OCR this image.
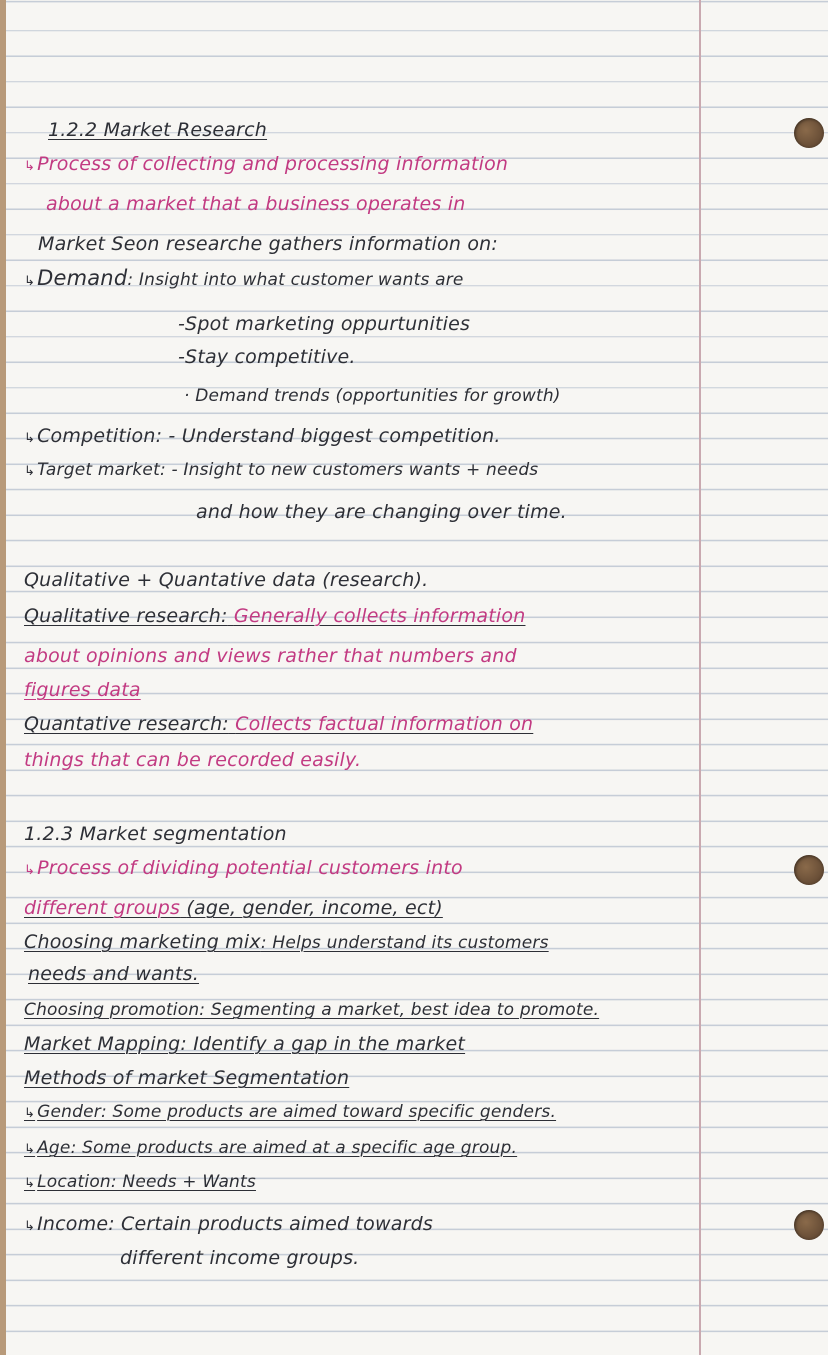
1.2.2 Market Research
↳ Process of collecting and processing information
about a market that a business operates in
Market Seon researche gathers information on:
↳Demand: Insight into what customer wants are
-Spot marketing oppurtunities
-Stay competitive.
· Demand trends (opportunities for growth)
↳ Competition: - Understand biggest competition.
↳ Target market: - Insight to new customers wants + needs
and how they are changing over time.
Qualitative + Quantative data (research).
Qualitative research: Generally collects information
about opinions and views rather that numbers and
figures data
Quantative research: Collects factual information on
things that can be recorded easily.
1.2.3 Market segmentation
↳ Process of dividing potential customers into
different groups (age, gender, income, ect)
Choosing marketing mix: Helps understand its customers
needs and wants.
Choosing promotion: Segmenting a market, best idea to promote.
Market Mapping: Identify a gap in the market
Methods of market Segmentation
↳ Gender: Some products are aimed toward specific genders.
↳ Age: Some products are aimed at a specific age group.
↳ Location: Needs + Wants
↳ Income: Certain products aimed towards
different income groups.
